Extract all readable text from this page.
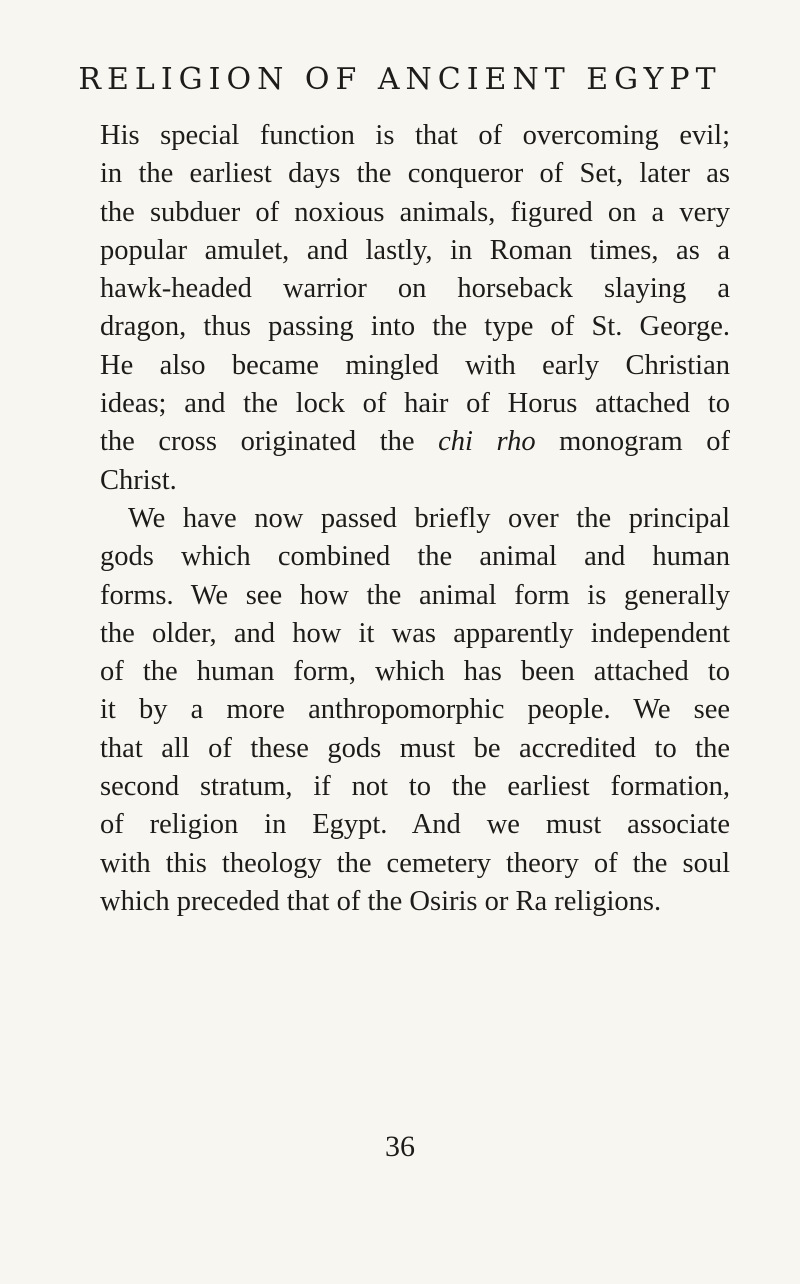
RELIGION OF ANCIENT EGYPT

His special function is that of overcoming evil;
in the earliest days the conqueror of Set, later as
the subduer of noxious animals, figured on a very
popular amulet, and lastly, in Roman times, as a
hawk-headed warrior on horseback slaying a
dragon, thus passing into the type of St. George.
He also became mingled with early Christian
ideas; and the lock of hair of Horus attached to
the cross originated the chi rho monogram of
Christ.

We have now passed briefly over the principal
gods which combined the animal and human
forms. We see how the animal form is generally
the older, and how it was apparently independent
of the human form, which has been attached to
it by a more anthropomorphic people. We see
that all of these gods must be accredited to the
second stratum, if not to the earliest formation,
of religion in Egypt. And we must associate
with this theology the cemetery theory of the soul
which preceded that of the Osiris or Ra religions.

36
